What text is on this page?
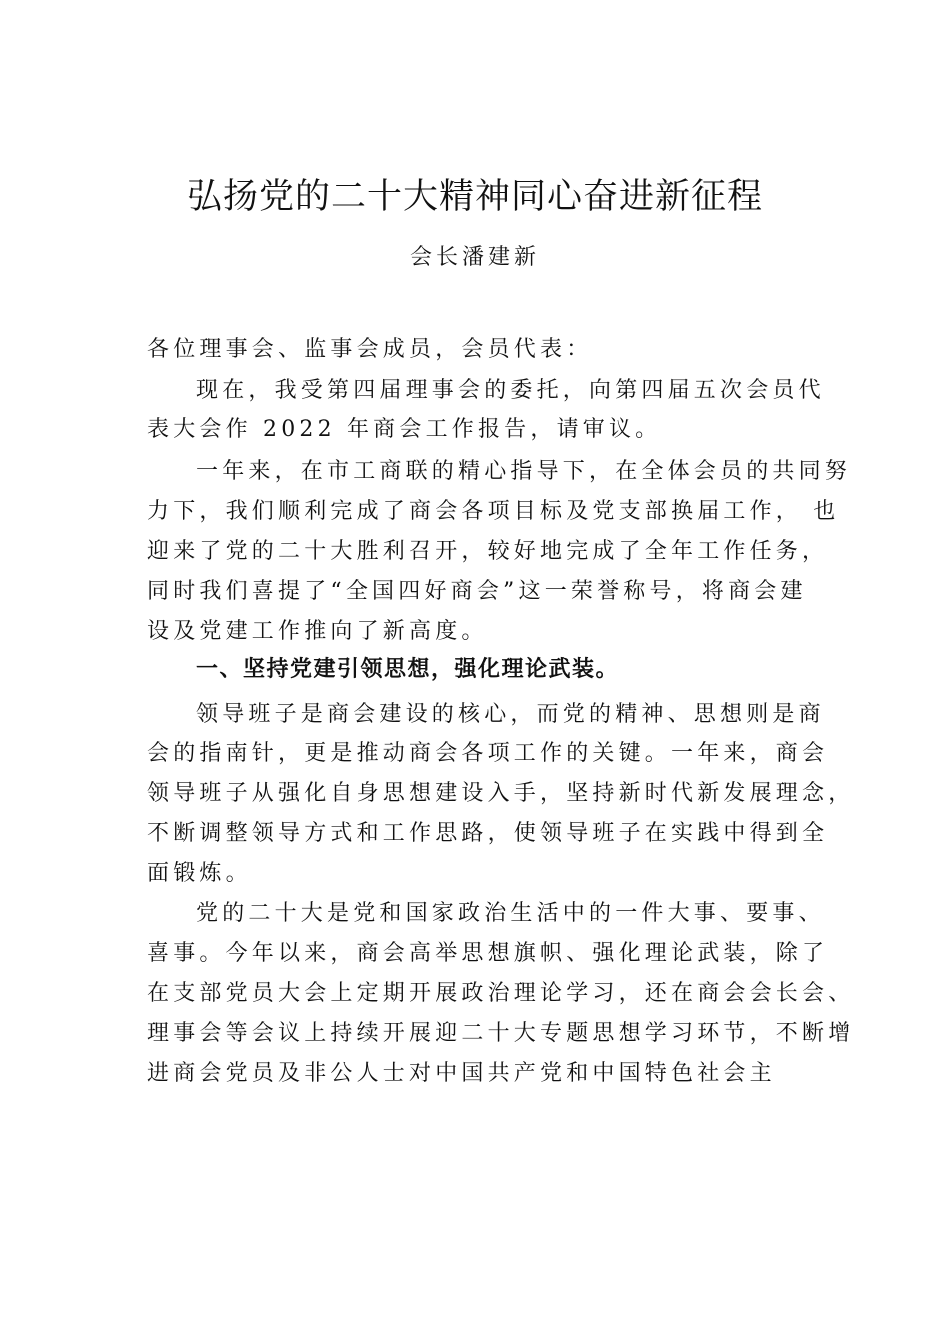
弘扬党的二十大精神同心奋进新征程

会长潘建新

各位理事会、监事会成员，会员代表：
现在，我受第四届理事会的委托，向第四届五次会员代
表大会作 2022 年商会工作报告，请审议。
一年来，在市工商联的精心指导下，在全体会员的共同努
力下，我们顺利完成了商会各项目标及党支部换届工作， 也
迎来了党的二十大胜利召开，较好地完成了全年工作任务，
同时我们喜提了“全国四好商会”这一荣誉称号，将商会建
设及党建工作推向了新高度。
一、坚持党建引领思想，强化理论武装。
领导班子是商会建设的核心，而党的精神、思想则是商
会的指南针，更是推动商会各项工作的关键。一年来，商会
领导班子从强化自身思想建设入手，坚持新时代新发展理念，
不断调整领导方式和工作思路，使领导班子在实践中得到全
面锻炼。
党的二十大是党和国家政治生活中的一件大事、要事、
喜事。今年以来，商会高举思想旗帜、强化理论武装，除了
在支部党员大会上定期开展政治理论学习，还在商会会长会、
理事会等会议上持续开展迎二十大专题思想学习环节，不断增
进商会党员及非公人士对中国共产党和中国特色社会主
